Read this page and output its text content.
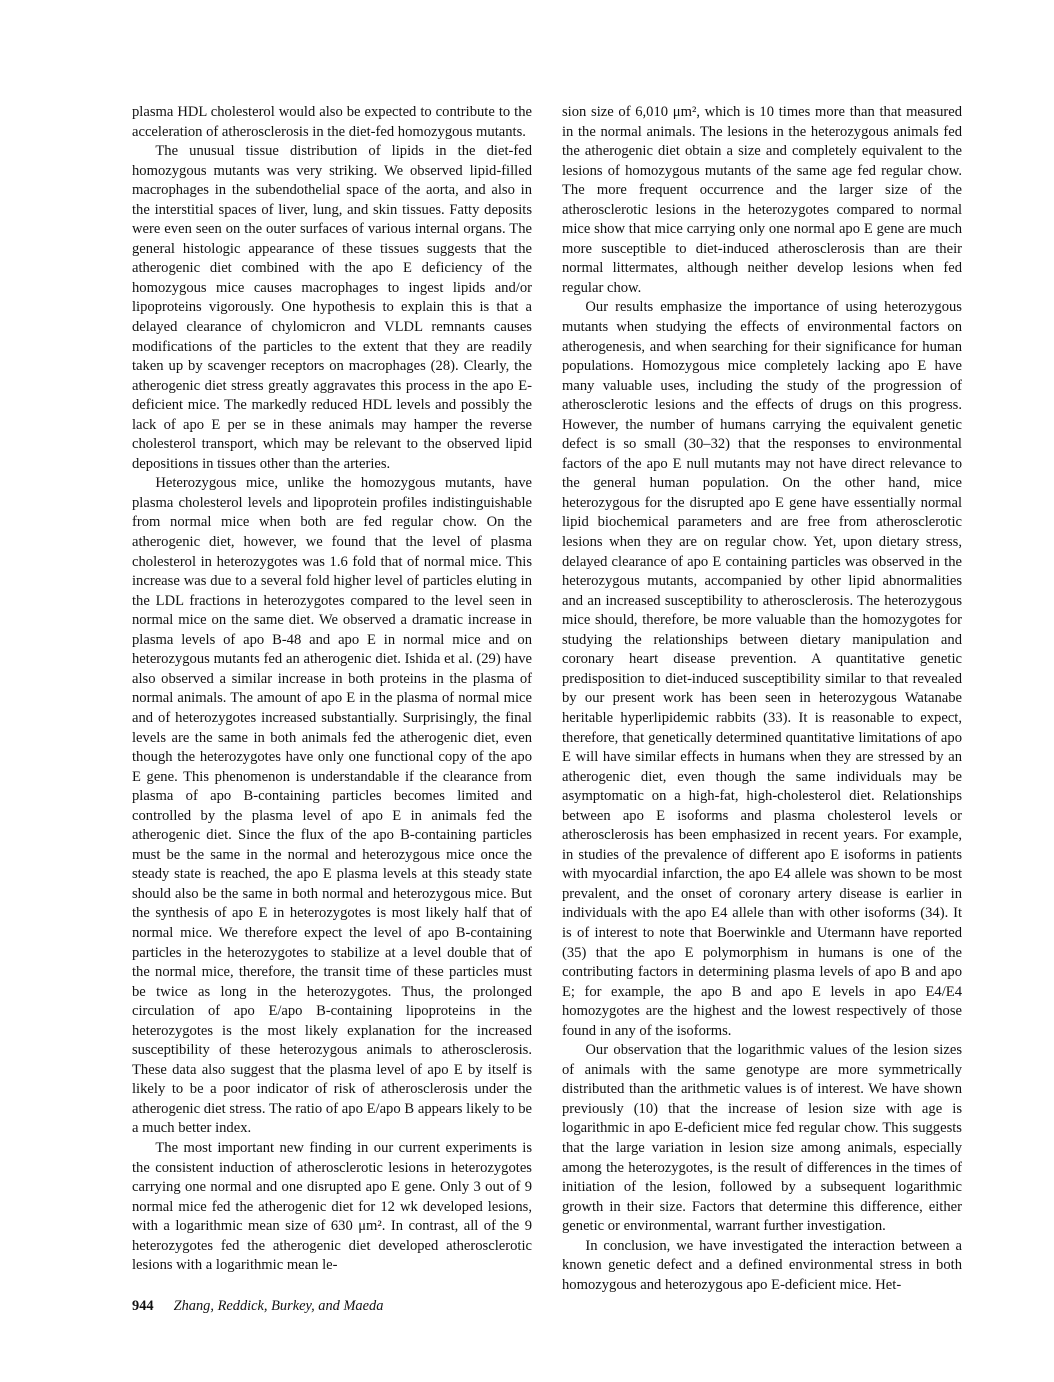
plasma HDL cholesterol would also be expected to contribute to the acceleration of atherosclerosis in the diet-fed homozygous mutants.

The unusual tissue distribution of lipids in the diet-fed homozygous mutants was very striking. We observed lipid-filled macrophages in the subendothelial space of the aorta, and also in the interstitial spaces of liver, lung, and skin tissues. Fatty deposits were even seen on the outer surfaces of various internal organs. The general histologic appearance of these tissues suggests that the atherogenic diet combined with the apo E deficiency of the homozygous mice causes macrophages to ingest lipids and/or lipoproteins vigorously. One hypothesis to explain this is that a delayed clearance of chylomicron and VLDL remnants causes modifications of the particles to the extent that they are readily taken up by scavenger receptors on macrophages (28). Clearly, the atherogenic diet stress greatly aggravates this process in the apo E-deficient mice. The markedly reduced HDL levels and possibly the lack of apo E per se in these animals may hamper the reverse cholesterol transport, which may be relevant to the observed lipid depositions in tissues other than the arteries.

Heterozygous mice, unlike the homozygous mutants, have plasma cholesterol levels and lipoprotein profiles indistinguishable from normal mice when both are fed regular chow. On the atherogenic diet, however, we found that the level of plasma cholesterol in heterozygotes was 1.6 fold that of normal mice. This increase was due to a several fold higher level of particles eluting in the LDL fractions in heterozygotes compared to the level seen in normal mice on the same diet. We observed a dramatic increase in plasma levels of apo B-48 and apo E in normal mice and on heterozygous mutants fed an atherogenic diet. Ishida et al. (29) have also observed a similar increase in both proteins in the plasma of normal animals. The amount of apo E in the plasma of normal mice and of heterozygotes increased substantially. Surprisingly, the final levels are the same in both animals fed the atherogenic diet, even though the heterozygotes have only one functional copy of the apo E gene. This phenomenon is understandable if the clearance from plasma of apo B-containing particles becomes limited and controlled by the plasma level of apo E in animals fed the atherogenic diet. Since the flux of the apo B-containing particles must be the same in the normal and heterozygous mice once the steady state is reached, the apo E plasma levels at this steady state should also be the same in both normal and heterozygous mice. But the synthesis of apo E in heterozygotes is most likely half that of normal mice. We therefore expect the level of apo B-containing particles in the heterozygotes to stabilize at a level double that of the normal mice, therefore, the transit time of these particles must be twice as long in the heterozygotes. Thus, the prolonged circulation of apo E/apo B-containing lipoproteins in the heterozygotes is the most likely explanation for the increased susceptibility of these heterozygous animals to atherosclerosis. These data also suggest that the plasma level of apo E by itself is likely to be a poor indicator of risk of atherosclerosis under the atherogenic diet stress. The ratio of apo E/apo B appears likely to be a much better index.

The most important new finding in our current experiments is the consistent induction of atherosclerotic lesions in heterozygotes carrying one normal and one disrupted apo E gene. Only 3 out of 9 normal mice fed the atherogenic diet for 12 wk developed lesions, with a logarithmic mean size of 630 μm². In contrast, all of the 9 heterozygotes fed the atherogenic diet developed atherosclerotic lesions with a logarithmic mean le-

sion size of 6,010 μm², which is 10 times more than that measured in the normal animals. The lesions in the heterozygous animals fed the atherogenic diet obtain a size and completely equivalent to the lesions of homozygous mutants of the same age fed regular chow. The more frequent occurrence and the larger size of the atherosclerotic lesions in the heterozygotes compared to normal mice show that mice carrying only one normal apo E gene are much more susceptible to diet-induced atherosclerosis than are their normal littermates, although neither develop lesions when fed regular chow.

Our results emphasize the importance of using heterozygous mutants when studying the effects of environmental factors on atherogenesis, and when searching for their significance for human populations. Homozygous mice completely lacking apo E have many valuable uses, including the study of the progression of atherosclerotic lesions and the effects of drugs on this progress. However, the number of humans carrying the equivalent genetic defect is so small (30–32) that the responses to environmental factors of the apo E null mutants may not have direct relevance to the general human population. On the other hand, mice heterozygous for the disrupted apo E gene have essentially normal lipid biochemical parameters and are free from atherosclerotic lesions when they are on regular chow. Yet, upon dietary stress, delayed clearance of apo E containing particles was observed in the heterozygous mutants, accompanied by other lipid abnormalities and an increased susceptibility to atherosclerosis. The heterozygous mice should, therefore, be more valuable than the homozygotes for studying the relationships between dietary manipulation and coronary heart disease prevention. A quantitative genetic predisposition to diet-induced susceptibility similar to that revealed by our present work has been seen in heterozygous Watanabe heritable hyperlipidemic rabbits (33). It is reasonable to expect, therefore, that genetically determined quantitative limitations of apo E will have similar effects in humans when they are stressed by an atherogenic diet, even though the same individuals may be asymptomatic on a high-fat, high-cholesterol diet. Relationships between apo E isoforms and plasma cholesterol levels or atherosclerosis has been emphasized in recent years. For example, in studies of the prevalence of different apo E isoforms in patients with myocardial infarction, the apo E4 allele was shown to be most prevalent, and the onset of coronary artery disease is earlier in individuals with the apo E4 allele than with other isoforms (34). It is of interest to note that Boerwinkle and Utermann have reported (35) that the apo E polymorphism in humans is one of the contributing factors in determining plasma levels of apo B and apo E; for example, the apo B and apo E levels in apo E4/E4 homozygotes are the highest and the lowest respectively of those found in any of the isoforms.

Our observation that the logarithmic values of the lesion sizes of animals with the same genotype are more symmetrically distributed than the arithmetic values is of interest. We have shown previously (10) that the increase of lesion size with age is logarithmic in apo E-deficient mice fed regular chow. This suggests that the large variation in lesion size among animals, especially among the heterozygotes, is the result of differences in the times of initiation of the lesion, followed by a subsequent logarithmic growth in their size. Factors that determine this difference, either genetic or environmental, warrant further investigation.

In conclusion, we have investigated the interaction between a known genetic defect and a defined environmental stress in both homozygous and heterozygous apo E-deficient mice. Het-

944 Zhang, Reddick, Burkey, and Maeda
